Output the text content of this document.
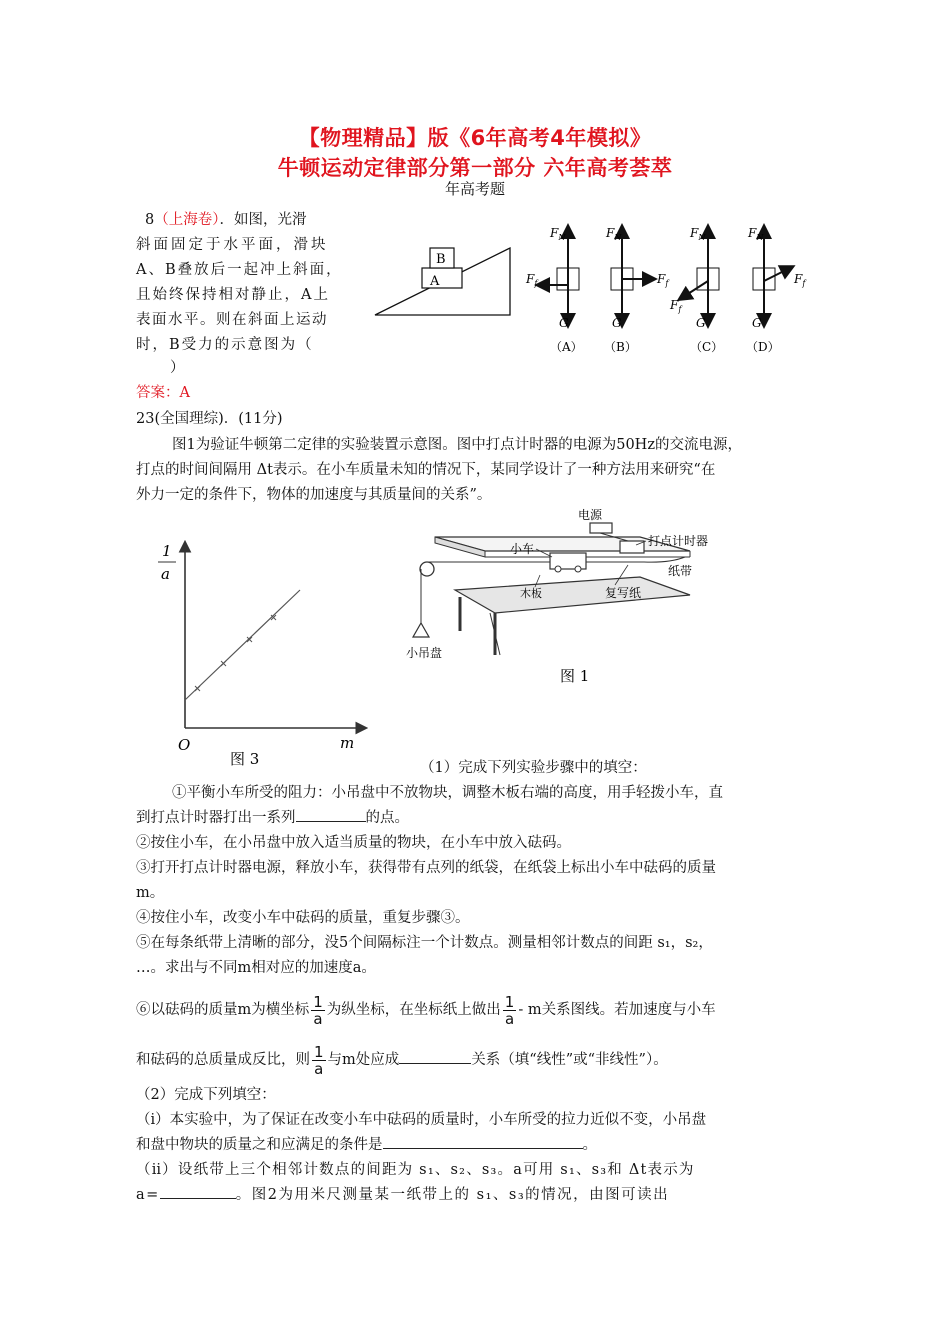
【物理精品】版《6年高考4年模拟》
牛顿运动定律部分第一部分 六年高考荟萃
年高考题
8（上海卷）．如图，光滑
斜面固定于水平面，滑块
A、B叠放后一起冲上斜面，
且始终保持相对静止，A上
表面水平。则在斜面上运动
时，B受力的示意图为（
）
答案：A
B
A
$F_N$
$F_f$
G
（A）
$F_N$
$F_f$
G
（B）
$F_N$
$F_f$
G
（C）
$F_N$
$F_f$
G
（D）
23(全国理综)．(11分)
图1为验证牛顿第二定律的实验装置示意图。图中打点计时器的电源为50Hz的交流电源，
打点的时间间隔用 Δt表示。在小车质量未知的情况下，某同学设计了一种方法用来研究“在
外力一定的条件下，物体的加速度与其质量间的关系”。
1
a
m
O
图 3
电源
小车
打点计时器
纸带
木板	复写纸
小吊盘
图 1
（1）完成下列实验步骤中的填空：
①平衡小车所受的阻力：小吊盘中不放物块，调整木板右端的高度，用手轻拨小车，直
到打点计时器打出一系列	的点。
②按住小车，在小吊盘中放入适当质量的物块，在小车中放入砝码。
③打开打点计时器电源，释放小车，获得带有点列的纸袋，在纸袋上标出小车中砝码的质量
m。
④按住小车，改变小车中砝码的质量，重复步骤③。
⑤在每条纸带上清晰的部分，没5个间隔标注一个计数点。测量相邻计数点的间距 s₁，s₂，
…。求出与不同m相对应的加速度a。
⑥以砝码的质量m为横坐标 $\frac{1}{a}$ 为纵坐标，在坐标纸上做出 $\frac{1}{a}$ - m关系图线。若加速度与小车
和砝码的总质量成反比，则 $\frac{1}{a}$ 与m处应成	关系（填“线性”或“非线性”）。
（2）完成下列填空：
（ⅰ）本实验中，为了保证在改变小车中砝码的质量时，小车所受的拉力近似不变，小吊盘
和盘中物块的质量之和应满足的条件是	。
（ⅱ）设纸带上三个相邻计数点的间距为 s₁、s₂、s₃。a可用 s₁、s₃和 Δt表示为
a=	。图2为用米尺测量某一纸带上的 s₁、s₃的情况，由图可读出
